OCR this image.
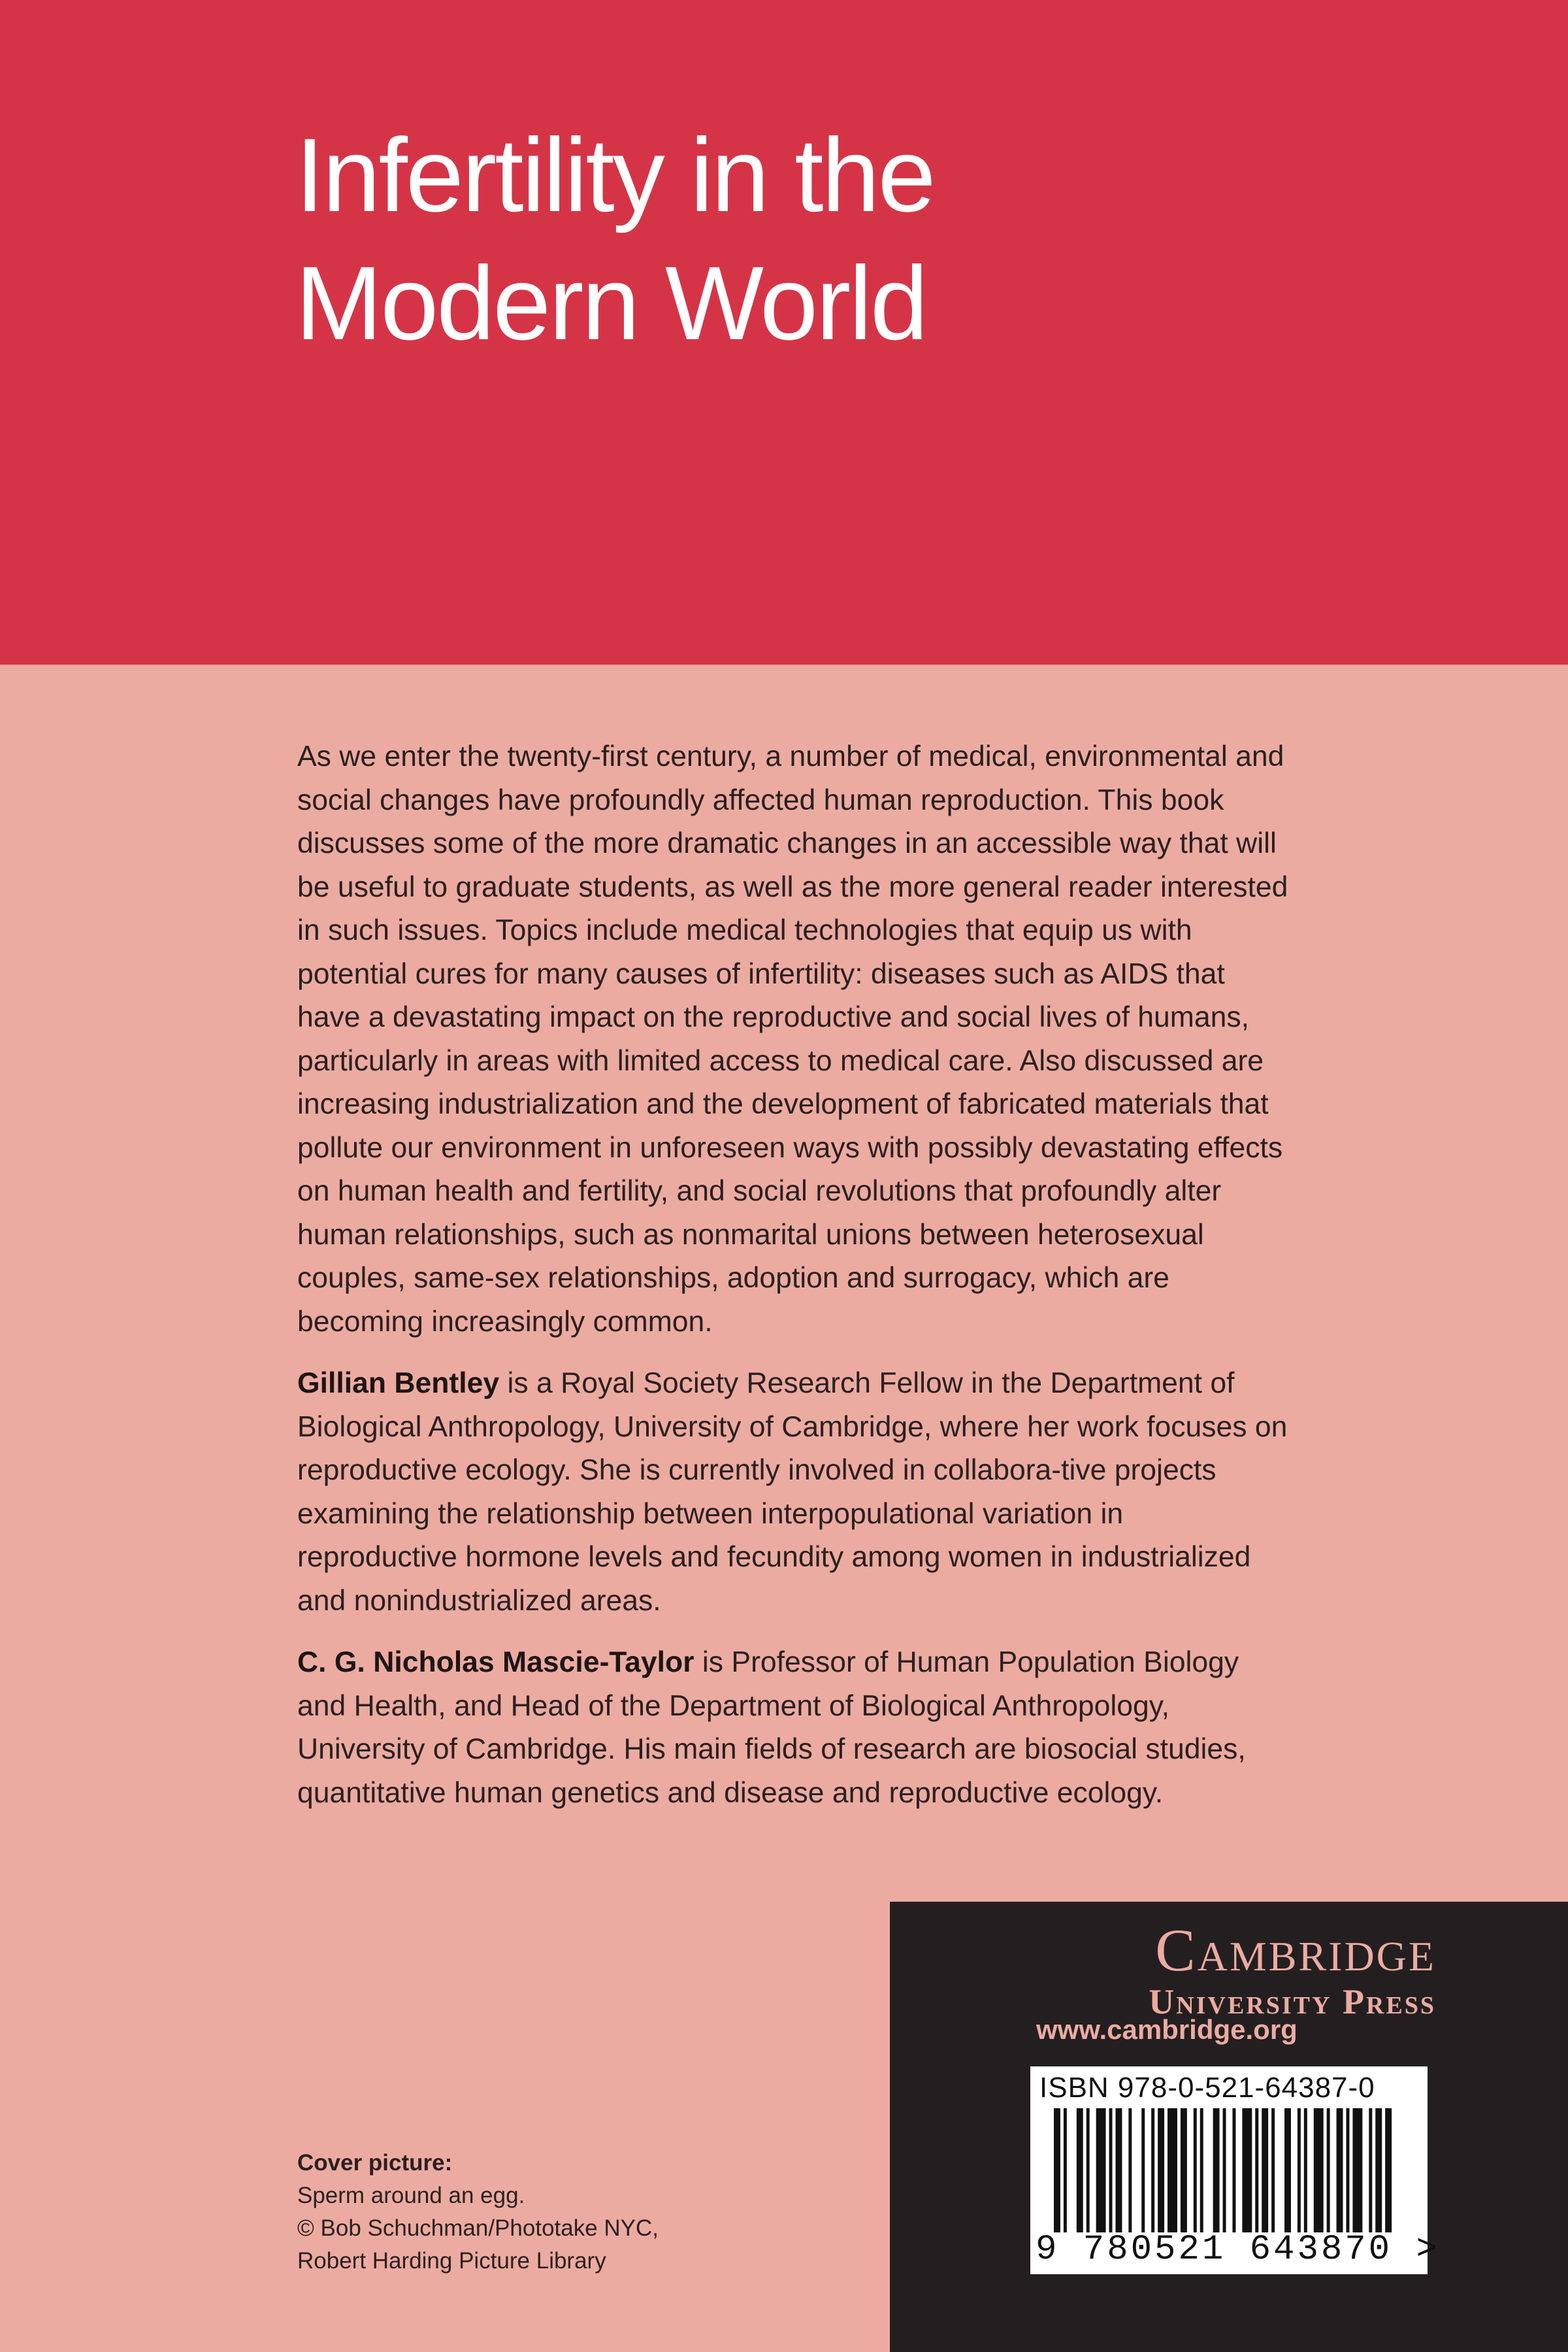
Infertility in the
Modern World

As we enter the twenty-first century, a number of medical, environmental and social changes have profoundly affected human reproduction. This book discusses some of the more dramatic changes in an accessible way that will be useful to graduate students, as well as the more general reader interested in such issues. Topics include medical technologies that equip us with potential cures for many causes of infertility: diseases such as AIDS that have a devastating impact on the reproductive and social lives of humans, particularly in areas with limited access to medical care. Also discussed are increasing industrialization and the development of fabricated materials that pollute our environment in unforeseen ways with possibly devastating effects on human health and fertility, and social revolutions that profoundly alter human relationships, such as nonmarital unions between heterosexual couples, same-sex relationships, adoption and surrogacy, which are becoming increasingly common.

Gillian Bentley is a Royal Society Research Fellow in the Department of Biological Anthropology, University of Cambridge, where her work focuses on reproductive ecology. She is currently involved in collabora-tive projects examining the relationship between interpopulational variation in reproductive hormone levels and fecundity among women in industrialized and nonindustrialized areas.

C. G. Nicholas Mascie-Taylor is Professor of Human Population Biology and Health, and Head of the Department of Biological Anthropology, University of Cambridge. His main fields of research are biosocial studies, quantitative human genetics and disease and reproductive ecology.

Cover picture:
Sperm around an egg.
© Bob Schuchman/Phototake NYC,
Robert Harding Picture Library
Cambridge
University Press
www.cambridge.org
ISBN 978-0-521-64387-0
9 780521 643870 >
